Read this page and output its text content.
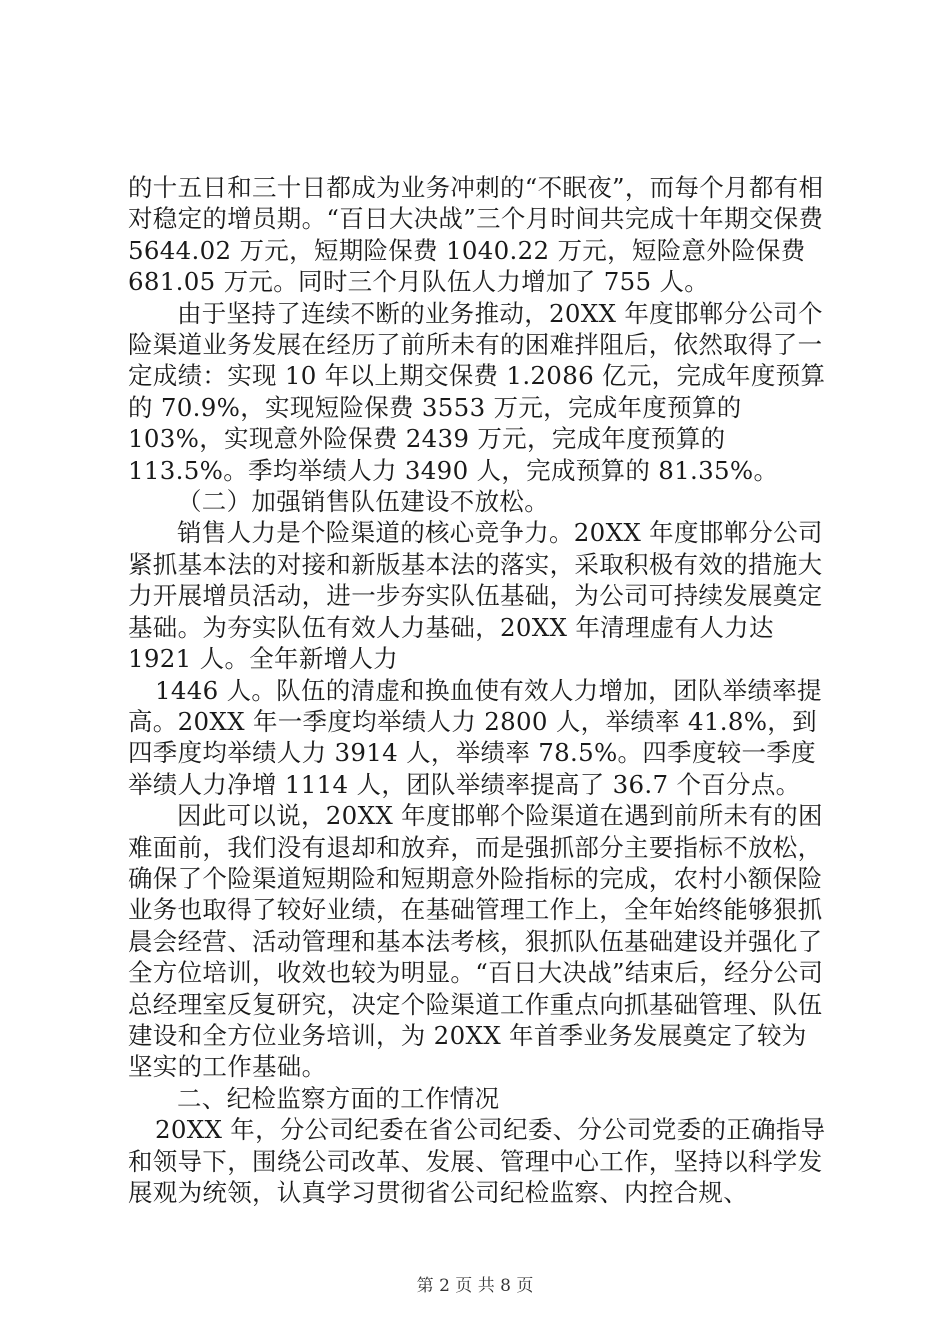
的十五日和三十日都成为业务冲刺的“不眠夜”，而每个月都有相对稳定的增员期。“百日大决战”三个月时间共完成十年期交保费 5644.02 万元，短期险保费 1040.22 万元，短险意外险保费 681.05 万元。同时三个月队伍人力增加了 755 人。

由于坚持了连续不断的业务推动，20XX 年度邯郸分公司个险渠道业务发展在经历了前所未有的困难拌阻后，依然取得了一定成绩：实现 10 年以上期交保费 1.2086 亿元，完成年度预算的 70.9%，实现短险保费 3553 万元，完成年度预算的 103%，实现意外险保费 2439 万元，完成年度预算的 113.5%。季均举绩人力 3490 人，完成预算的 81.35%。

（二）加强销售队伍建设不放松。

销售人力是个险渠道的核心竞争力。20XX 年度邯郸分公司紧抓基本法的对接和新版基本法的落实，采取积极有效的措施大力开展增员活动，进一步夯实队伍基础，为公司可持续发展奠定基础。为夯实队伍有效人力基础，20XX 年清理虚有人力达 1921 人。全年新增人力

1446 人。队伍的清虚和换血使有效人力增加，团队举绩率提高。20XX 年一季度均举绩人力 2800 人，举绩率 41.8%，到四季度均举绩人力 3914 人，举绩率 78.5%。四季度较一季度举绩人力净增 1114 人，团队举绩率提高了 36.7 个百分点。

因此可以说，20XX 年度邯郸个险渠道在遇到前所未有的困难面前，我们没有退却和放弃，而是强抓部分主要指标不放松，确保了个险渠道短期险和短期意外险指标的完成，农村小额保险业务也取得了较好业绩，在基础管理工作上，全年始终能够狠抓晨会经营、活动管理和基本法考核，狠抓队伍基础建设并强化了全方位培训，收效也较为明显。“百日大决战”结束后，经分公司总经理室反复研究，决定个险渠道工作重点向抓基础管理、队伍建设和全方位业务培训，为 20XX 年首季业务发展奠定了较为坚实的工作基础。

二、纪检监察方面的工作情况

20XX 年，分公司纪委在省公司纪委、分公司党委的正确指导和领导下，围绕公司改革、发展、管理中心工作，坚持以科学发展观为统领，认真学习贯彻省公司纪检监察、内控合规、

第 2 页 共 8 页
